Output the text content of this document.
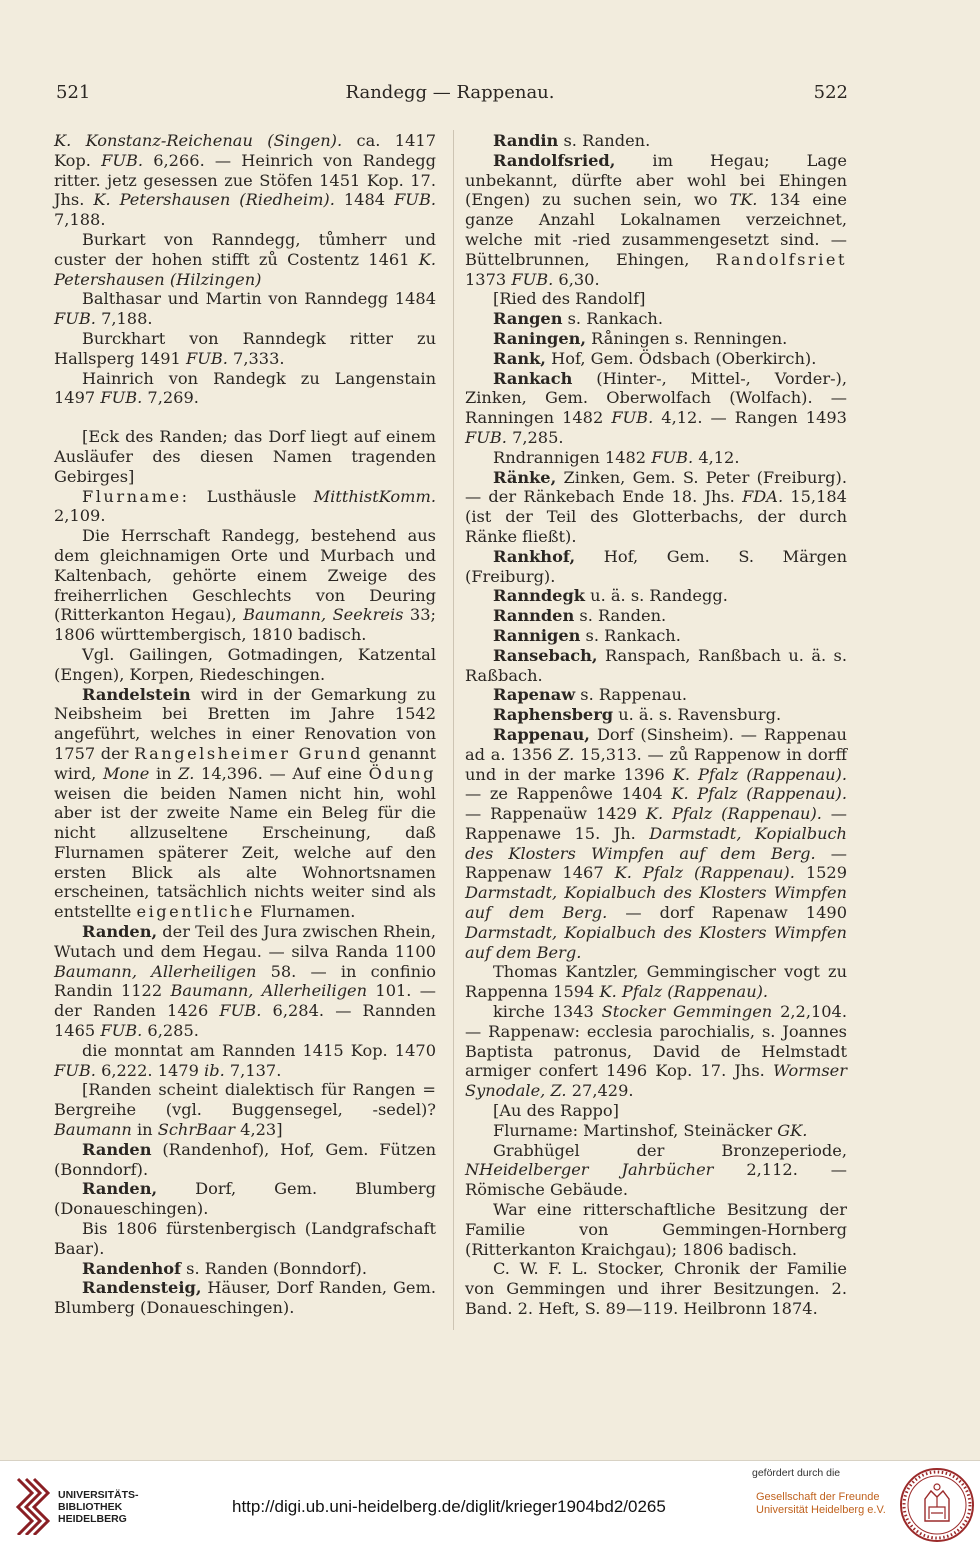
521	Randegg — Rappenau.	522

K. Konstanz-Reichenau (Singen). ca. 1417 Kop. FUB. 6,266. — Heinrich von Randegg ritter. jetz gesessen zue Stöfen 1451 Kop. 17. Jhs. K. Petershausen (Riedheim). 1484 FUB. 7,188.

Burkart von Ranndegg, tůmherr und custer der hohen stifft zů Costentz 1461 K. Petershausen (Hilzingen)

Balthasar und Martin von Ranndegg 1484 FUB. 7,188.

Burckhart von Ranndegk ritter zu Hallsperg 1491 FUB. 7,333.

Hainrich von Randegk zu Langenstain 1497 FUB. 7,269.

[Eck des Randen; das Dorf liegt auf einem Ausläufer des diesen Namen tragenden Gebirges]

Flurname: Lusthäusle MitthistKomm. 2,109.

Die Herrschaft Randegg, bestehend aus dem gleichnamigen Orte und Murbach und Kaltenbach, gehörte einem Zweige des freiherrlichen Geschlechts von Deuring (Ritterkanton Hegau), Baumann, Seekreis 33; 1806 württembergisch, 1810 badisch.

Vgl. Gailingen, Gotmadingen, Katzental (Engen), Korpen, Riedeschingen.

Randelstein wird in der Gemarkung zu Neibsheim bei Bretten im Jahre 1542 angeführt, welches in einer Renovation von 1757 der Rangelsheimer Grund genannt wird, Mone in Z. 14,396. — Auf eine Ödung weisen die beiden Namen nicht hin, wohl aber ist der zweite Name ein Beleg für die nicht allzuseltene Erscheinung, daß Flurnamen späterer Zeit, welche auf den ersten Blick als alte Wohnortsnamen erscheinen, tatsächlich nichts weiter sind als entstellte eigentliche Flurnamen.

Randen, der Teil des Jura zwischen Rhein, Wutach und dem Hegau. — silva Randa 1100 Baumann, Allerheiligen 58. — in confinio Randin 1122 Baumann, Allerheiligen 101. — der Randen 1426 FUB. 6,284. — Rannden 1465 FUB. 6,285.

die monntat am Rannden 1415 Kop. 1470 FUB. 6,222. 1479 ib. 7,137.

[Randen scheint dialektisch für Rangen = Bergreihe (vgl. Buggensegel, -sedel)? Baumann in SchrBaar 4,23]

Randen (Randenhof), Hof, Gem. Fützen (Bonndorf).

Randen, Dorf, Gem. Blumberg (Donaueschingen).

Bis 1806 fürstenbergisch (Landgrafschaft Baar).

Randenhof s. Randen (Bonndorf).

Randensteig, Häuser, Dorf Randen, Gem. Blumberg (Donaueschingen).

Randin s. Randen.

Randolfsried, im Hegau; Lage unbekannt, dürfte aber wohl bei Ehingen (Engen) zu suchen sein, wo TK. 134 eine ganze Anzahl Lokalnamen verzeichnet, welche mit -ried zusammengesetzt sind. — Büttelbrunnen, Ehingen, Randolfsriet 1373 FUB. 6,30.

[Ried des Randolf]

Rangen s. Rankach.

Raningen, Råningen s. Renningen.

Rank, Hof, Gem. Ödsbach (Oberkirch).

Rankach (Hinter-, Mittel-, Vorder-), Zinken, Gem. Oberwolfach (Wolfach). — Ranningen 1482 FUB. 4,12. — Rangen 1493 FUB. 7,285.

Rndrannigen 1482 FUB. 4,12.

Ränke, Zinken, Gem. S. Peter (Freiburg). — der Ränkebach Ende 18. Jhs. FDA. 15,184 (ist der Teil des Glotterbachs, der durch Ränke fließt).

Rankhof, Hof, Gem. S. Märgen (Freiburg).

Ranndegk u. ä. s. Randegg.

Rannden s. Randen.

Rannigen s. Rankach.

Ransebach, Ranspach, Ranßbach u. ä. s. Raßbach.

Rapenaw s. Rappenau.

Raphensberg u. ä. s. Ravensburg.

Rappenau, Dorf (Sinsheim). — Rappenau ad a. 1356 Z. 15,313. — zů Rappenow in dorff und in der marke 1396 K. Pfalz (Rappenau). — ze Rappenôwe 1404 K. Pfalz (Rappenau). — Rappenaüw 1429 K. Pfalz (Rappenau). — Rappenawe 15. Jh. Darmstadt, Kopialbuch des Klosters Wimpfen auf dem Berg. — Rappenaw 1467 K. Pfalz (Rappenau). 1529 Darmstadt, Kopialbuch des Klosters Wimpfen auf dem Berg. — dorf Rapenaw 1490 Darmstadt, Kopialbuch des Klosters Wimpfen auf dem Berg.

Thomas Kantzler, Gemmingischer vogt zu Rappenna 1594 K. Pfalz (Rappenau).

kirche 1343 Stocker Gemmingen 2,2,104. — Rappenaw: ecclesia parochialis, s. Joannes Baptista patronus, David de Helmstadt armiger confert 1496 Kop. 17. Jhs. Wormser Synodale, Z. 27,429.

[Au des Rappo]

Flurname: Martinshof, Steinäcker GK.

Grabhügel der Bronzeperiode, NHeidelberger Jahrbücher 2,112. — Römische Gebäude.

War eine ritterschaftliche Besitzung der Familie von Gemmingen-Hornberg (Ritterkanton Kraichgau); 1806 badisch.

C. W. F. L. Stocker, Chronik der Familie von Gemmingen und ihrer Besitzungen. 2. Band. 2. Heft, S. 89—119. Heilbronn 1874.

UNIVERSITÄTS-
BIBLIOTHEK
HEIDELBERG
http://digi.ub.uni-heidelberg.de/diglit/krieger1904bd2/0265
gefördert durch die
Gesellschaft der Freunde
Universität Heidelberg e.V.
